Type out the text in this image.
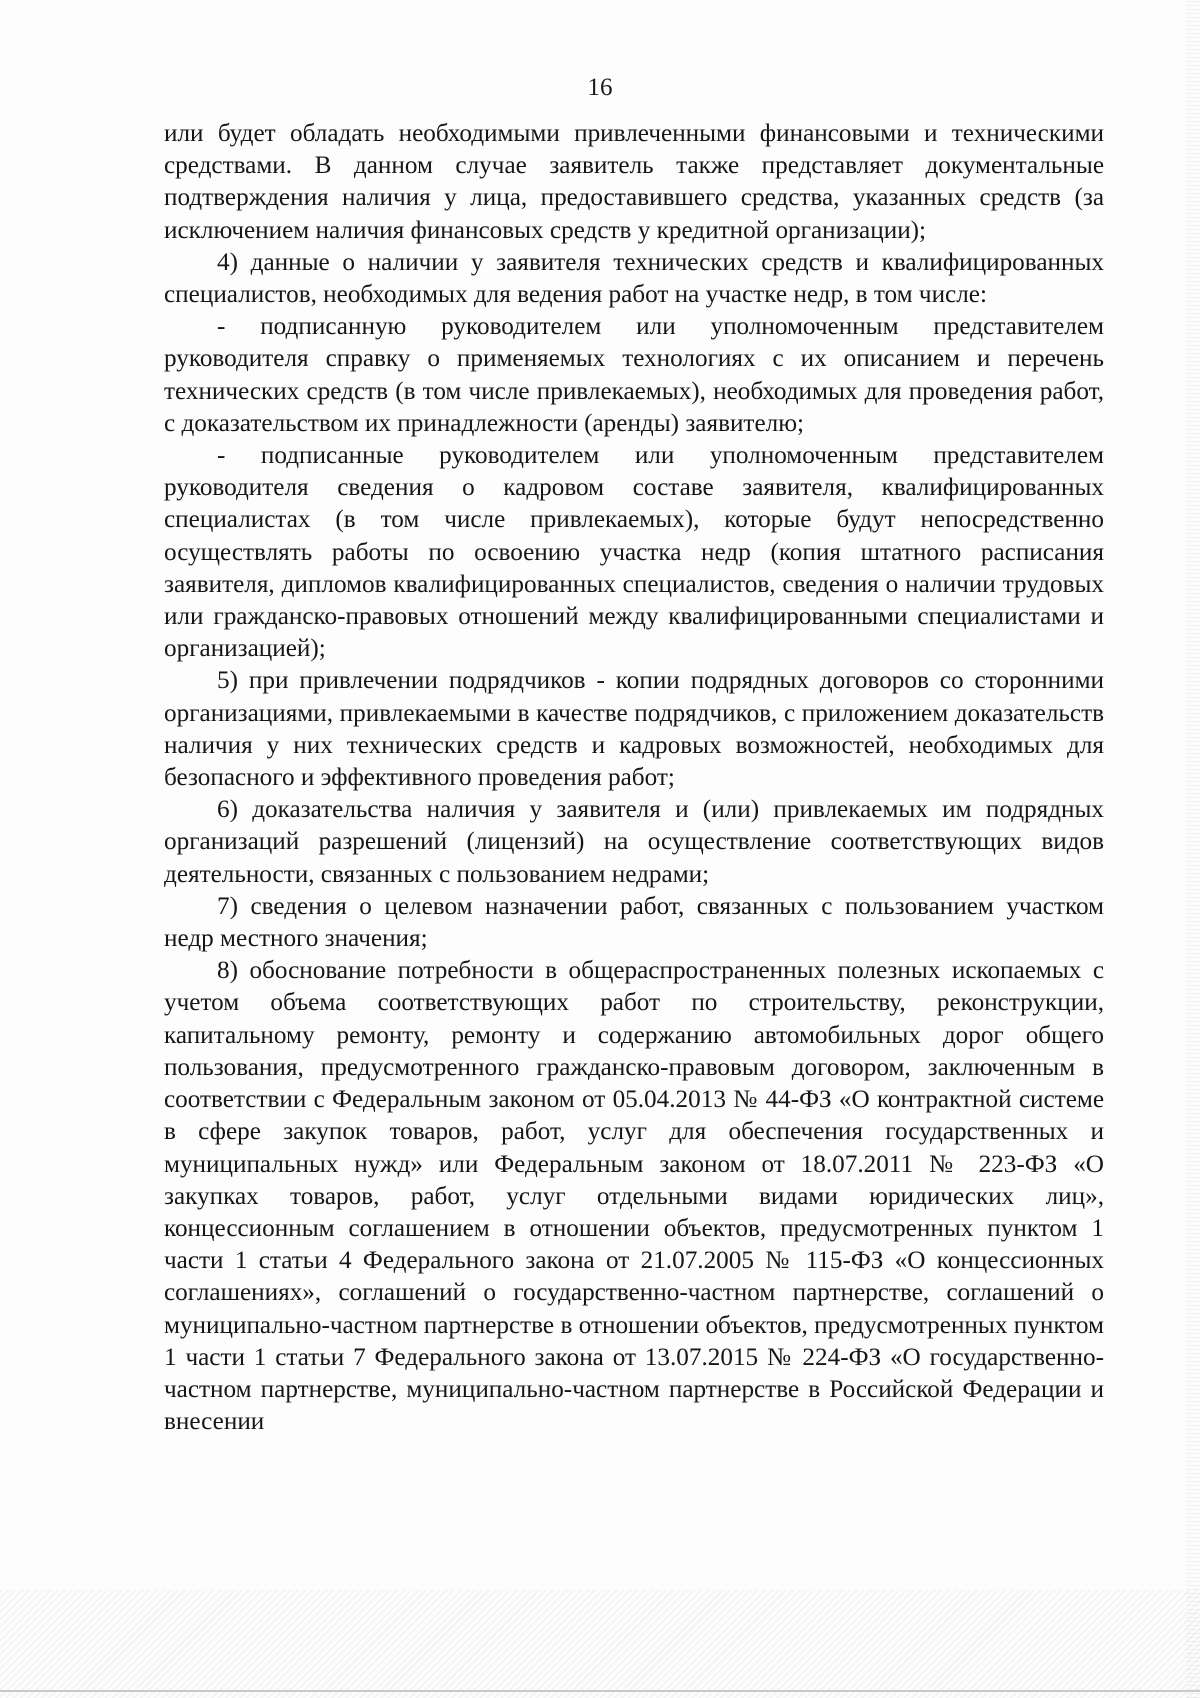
16

или будет обладать необходимыми привлеченными финансовыми и техническими средствами. В данном случае заявитель также представляет документальные подтверждения наличия у лица, предоставившего средства, указанных средств (за исключением наличия финансовых средств у кредитной организации);

4) данные о наличии у заявителя технических средств и квалифицированных специалистов, необходимых для ведения работ на участке недр, в том числе:

- подписанную руководителем или уполномоченным представителем руководителя справку о применяемых технологиях с их описанием и перечень технических средств (в том числе привлекаемых), необходимых для проведения работ, с доказательством их принадлежности (аренды) заявителю;

- подписанные руководителем или уполномоченным представителем руководителя сведения о кадровом составе заявителя, квалифицированных специалистах (в том числе привлекаемых), которые будут непосредственно осуществлять работы по освоению участка недр (копия штатного расписания заявителя, дипломов квалифицированных специалистов, сведения о наличии трудовых или гражданско-правовых отношений между квалифицированными специалистами и организацией);

5) при привлечении подрядчиков - копии подрядных договоров со сторонними организациями, привлекаемыми в качестве подрядчиков, с приложением доказательств наличия у них технических средств и кадровых возможностей, необходимых для безопасного и эффективного проведения работ;

6) доказательства наличия у заявителя и (или) привлекаемых им подрядных организаций разрешений (лицензий) на осуществление соответствующих видов деятельности, связанных с пользованием недрами;

7) сведения о целевом назначении работ, связанных с пользованием участком недр местного значения;

8) обоснование потребности в общераспространенных полезных ископаемых с учетом объема соответствующих работ по строительству, реконструкции, капитальному ремонту, ремонту и содержанию автомобильных дорог общего пользования, предусмотренного гражданско-правовым договором, заключенным в соответствии с Федеральным законом от 05.04.2013 № 44-ФЗ «О контрактной системе в сфере закупок товаров, работ, услуг для обеспечения государственных и муниципальных нужд» или Федеральным законом от 18.07.2011 № 223-ФЗ «О закупках товаров, работ, услуг отдельными видами юридических лиц», концессионным соглашением в отношении объектов, предусмотренных пунктом 1 части 1 статьи 4 Федерального закона от 21.07.2005 № 115-ФЗ «О концессионных соглашениях», соглашений о государственно-частном партнерстве, соглашений о муниципально-частном партнерстве в отношении объектов, предусмотренных пунктом 1 части 1 статьи 7 Федерального закона от 13.07.2015 № 224-ФЗ «О государственно-частном партнерстве, муниципально-частном партнерстве в Российской Федерации и внесении
